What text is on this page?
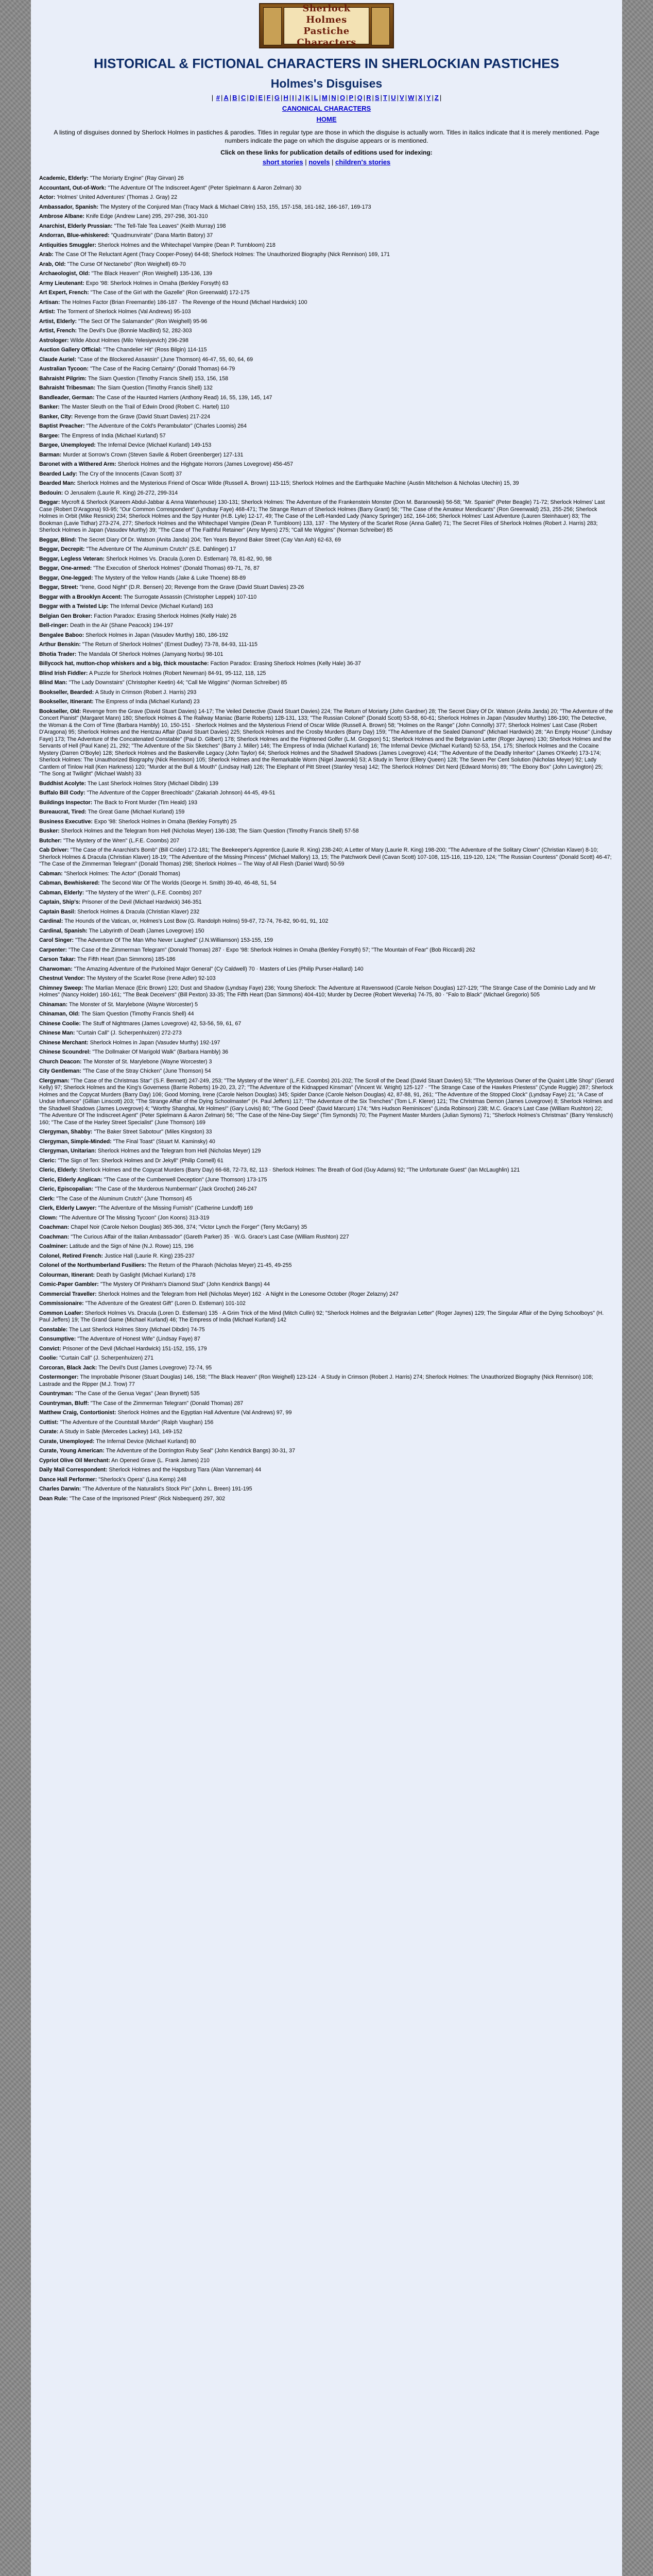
Sherlock Holmes
Pastiche Characters
HISTORICAL & FICTIONAL CHARACTERS IN SHERLOCKIAN PASTICHES
Holmes's Disguises
| # | A | B | C | D | E | F | G | H | I | J | K | L | M | N | O | P | Q | R | S | T | U | V | W | X | Y | Z |
CANONICAL CHARACTERS
HOME

A listing of disguises donned by Sherlock Holmes in pastiches & parodies. Titles in regular type are those in which the disguise is actually worn. Titles in italics indicate that it is merely mentioned. Page numbers indicate the page on which the disguise appears or is mentioned.

Click on these links for publication details of editions used for indexing:

short stories | novels | children's stories
Academic, Elderly: "The Moriarty Engine" (Ray Girvan) 26
Accountant, Out-of-Work: "The Adventure Of The Indiscreet Agent" (Peter Spielmann & Aaron Zelman) 30
Actor: 'Holmes' United Adventures' (Thomas J. Gray) 22
Ambassador, Spanish: The Mystery of the Conjured Man (Tracy Mack & Michael Citrin) 153, 155, 157-158, 161-162, 166-167, 169-173
Ambrose Albane: Knife Edge (Andrew Lane) 295, 297-298, 301-310
Anarchist, Elderly Prussian: "The Tell-Tale Tea Leaves" (Keith Murray) 198
Andorran, Blue-whiskered: "Quadmunvirate" (Dana Martin Batory) 37
Antiquities Smuggler: Sherlock Holmes and the Whitechapel Vampire (Dean P. Turnbloom) 218
Arab: The Case Of The Reluctant Agent (Tracy Cooper-Posey) 64-68; Sherlock Holmes: The Unauthorized Biography (Nick Rennison) 169, 171
Arab, Old: "The Curse Of Nectanebo" (Ron Weighell) 69-70
Archaeologist, Old: "The Black Heaven" (Ron Weighell) 135-136, 139
Army Lieutenant: Expo '98: Sherlock Holmes in Omaha (Berkley Forsyth) 63
Art Expert, French: "The Case of the Girl with the Gazelle" (Ron Greenwald) 172-175
Artisan: The Holmes Factor (Brian Freemantle) 186-187 · The Revenge of the Hound (Michael Hardwick) 100
Artist: The Torment of Sherlock Holmes (Val Andrews) 95-103
Artist, Elderly: "The Sect Of The Salamander" (Ron Weighell) 95-96
Artist, French: The Devil's Due (Bonnie MacBird) 52, 282-303
Astrologer: Wilde About Holmes (Milo Yelesiyevich) 296-298
Auction Gallery Official: "The Chandelier Hit" (Ross Bilgin) 114-115
Claude Auriel: "Case of the Blockered Assassin" (June Thomson) 46-47, 55, 60, 64, 69
Australian Tycoon: "The Case of the Racing Certainty" (Donald Thomas) 64-79
Bahraisht Pilgrim: The Siam Question (Timothy Francis Shell) 153, 156, 158
Bahraisht Tribesman: The Siam Question (Timothy Francis Shell) 132
Bandleader, German: The Case of the Haunted Harriers (Anthony Read) 16, 55, 139, 145, 147
Banker: The Master Sleuth on the Trail of Edwin Drood (Robert C. Hartel) 110
Banker, City: Revenge from the Grave (David Stuart Davies) 217-224
Baptist Preacher: "The Adventure of the Cold's Perambulator" (Charles Loomis) 264
Bargee: The Empress of India (Michael Kurland) 57
Bargee, Unemployed: The Infernal Device (Michael Kurland) 149-153
Barman: Murder at Sorrow's Crown (Steven Savile & Robert Greenberger) 127-131
Baronet with a Withered Arm: Sherlock Holmes and the Highgate Horrors (James Lovegrove) 456-457
Bearded Lady: The Cry of the Innocents (Cavan Scott) 37
Bearded Man: Sherlock Holmes and the Mysterious Friend of Oscar Wilde (Russell A. Brown) 113-115; Sherlock Holmes and the Earthquake Machine (Austin Mitchelson & Nicholas Utechin) 15, 39
Bedouin: O Jerusalem (Laurie R. King) 26-272, 299-314
Beggar: Mycroft & Sherlock (Kareem Abdul-Jabbar & Anna Waterhouse) 130-131; Sherlock Holmes: The Adventure of the Frankenstein Monster (Don M. Baranowski) 56-58; "Mr. Spaniel" (Peter Beagle) 71-72; Sherlock Holmes' Last Case (Robert D'Aragona) 93-95; "Our Common Correspondent" (Lyndsay Faye) 468-471; The Strange Return of Sherlock Holmes (Barry Grant) 56; "The Case of the Amateur Mendicants" (Ron Greenwald) 253, 255-256; Sherlock Holmes in Orbit (Mike Resnick) 234; Sherlock Holmes and the Spy Hunter (H.B. Lyle) 12-17, 49; The Case of the Left-Handed Lady (Nancy Springer) 162, 164-166; Sherlock Holmes' Last Adventure (Lauren Steinhauer) 83; The Bookman (Lavie Tidhar) 273-274, 277; Sherlock Holmes and the Whitechapel Vampire (Dean P. Turnbloom) 133, 137 · The Mystery of the Scarlet Rose (Anna Gallet) 71; The Secret Files of Sherlock Holmes (Robert J. Harris) 283; Sherlock Holmes in Japan (Vasudev Murthy) 39; "The Case of The Faithful Retainer" (Amy Myers) 275; "Call Me Wiggins" (Norman Schreiber) 85
Beggar, Blind: The Secret Diary Of Dr. Watson (Anita Janda) 204; Ten Years Beyond Baker Street (Cay Van Ash) 62-63, 69
Beggar, Decrepit: "The Adventure Of The Aluminum Crutch" (S.E. Dahlinger) 17
Beggar, Legless Veteran: Sherlock Holmes Vs. Dracula (Loren D. Estleman) 78, 81-82, 90, 98
Beggar, One-armed: "The Execution of Sherlock Holmes" (Donald Thomas) 69-71, 76, 87
Beggar, One-legged: The Mystery of the Yellow Hands (Jake & Luke Thoene) 88-89
Beggar, Street: "Irene, Good Night" (D.R. Bensen) 20; Revenge from the Grave (David Stuart Davies) 23-26
Beggar with a Brooklyn Accent: The Surrogate Assassin (Christopher Leppek) 107-110
Beggar with a Twisted Lip: The Infernal Device (Michael Kurland) 163
Belgian Gen Broker: Faction Paradox: Erasing Sherlock Holmes (Kelly Hale) 26
Bell-ringer: Death in the Air (Shane Peacock) 194-197
Bengalee Baboo: Sherlock Holmes in Japan (Vasudev Murthy) 180, 186-192
Arthur Benskin: "The Return of Sherlock Holmes" (Ernest Dudley) 73-78, 84-93, 111-115
Bhotia Trader: The Mandala Of Sherlock Holmes (Jamyang Norbu) 98-101
Billycock hat, mutton-chop whiskers and a big, thick moustache: Faction Paradox: Erasing Sherlock Holmes (Kelly Hale) 36-37
Blind Irish Fiddler: A Puzzle for Sherlock Holmes (Robert Newman) 84-91, 95-112, 118, 125
Blind Man: "The Lady Downstairs" (Christopher Keetin) 44; "Call Me Wiggins" (Norman Schreiber) 85
Bookseller, Bearded: A Study in Crimson (Robert J. Harris) 293
Bookseller, Itinerant: The Empress of India (Michael Kurland) 23
Bookseller, Old: Revenge from the Grave (David Stuart Davies) 14-17; The Veiled Detective (David Stuart Davies) 224; The Return of Moriarty (John Gardner) 28; The Secret Diary Of Dr. Watson (Anita Janda) 20; "The Adventure of the Concert Pianist" (Margaret Mann) 180; Sherlock Holmes & The Railway Maniac (Barrie Roberts) 128-131, 133; "The Russian Colonel" (Donald Scott) 53-58, 60-61; Sherlock Holmes in Japan (Vasudev Murthy) 186-190; The Detective, the Woman & the Corn of Time (Barbara Hambly) 10, 150-151 · Sherlock Holmes and the Mysterious Friend of Oscar Wilde (Russell A. Brown) 58; "Holmes on the Range" (John Connolly) 377; Sherlock Holmes' Last Case (Robert D'Aragona) 95; Sherlock Holmes and the Hentzau Affair (David Stuart Davies) 225; Sherlock Holmes and the Crosby Murders (Barry Day) 159; "The Adventure of the Sealed Diamond" (Michael Hardwick) 28; "An Empty House" (Lindsay Faye) 173; The Adventure of the Concatenated Constable" (Paul D. Gilbert) 178; Sherlock Holmes and the Frightened Golfer (L.M. Grogson) 51; Sherlock Holmes and the Belgravian Letter (Roger Jaynes) 130; Sherlock Holmes and the Servants of Hell (Paul Kane) 21, 292; "The Adventure of the Six Sketches" (Barry J. Miller) 146; The Empress of India (Michael Kurland) 16; The Infernal Device (Michael Kurland) 52-53, 154, 175; Sherlock Holmes and the Cocaine Mystery (Darren O'Boyle) 128; Sherlock Holmes and the Baskerville Legacy (John Taylor) 64; Sherlock Holmes and the Shadwell Shadows (James Lovegrove) 414; "The Adventure of the Deadly Inheritor" (James O'Keefe) 173-174; Sherlock Holmes: The Unauthorized Biography (Nick Rennison) 105; Sherlock Holmes and the Remarkable Worm (Nigel Jaworski) 53; A Study in Terror (Ellery Queen) 128; The Seven Per Cent Solution (Nicholas Meyer) 92; Lady Cantlem of Tinlow Hall (Ken Harkness) 120; "Murder at the Bull & Mouth" (Lindsay Hall) 126; The Elephant of Pitt Street (Stanley Yesa) 142; The Sherlock Holmes' Dirt Nerd (Edward Morris) 89; "The Ebony Box" (John Lavington) 25; "The Song at Twilight" (Michael Walsh) 33
Buddhist Acolyte: The Last Sherlock Holmes Story (Michael Dibdin) 139
Buffalo Bill Cody: "The Adventure of the Copper Breechloads" (Zakariah Johnson) 44-45, 49-51
Buildings Inspector: The Back to Front Murder (Tim Heald) 193
Bureaucrat, Tired: The Great Game (Michael Kurland) 159
Business Executive: Expo '98: Sherlock Holmes in Omaha (Berkley Forsyth) 25
Busker: Sherlock Holmes and the Telegram from Hell (Nicholas Meyer) 136-138; The Siam Question (Timothy Francis Shell) 57-58
Butcher: "The Mystery of the Wren" (L.F.E. Coombs) 207
Cab Driver: "The Case of the Anarchist's Bomb" (Bill Crider) 172-181; The Beekeeper's Apprentice (Laurie R. King) 238-240; A Letter of Mary (Laurie R. King) 198-200; "The Adventure of the Solitary Clown" (Christian Klaver) 8-10; Sherlock Holmes & Dracula (Christian Klaver) 18-19; "The Adventure of the Missing Princess" (Michael Mallory) 13, 15; The Patchwork Devil (Cavan Scott) 107-108, 115-116, 119-120, 124; "The Russian Countess" (Donald Scott) 46-47; "The Case of the Zimmerman Telegram" (Donald Thomas) 298; Sherlock Holmes -- The Way of All Flesh (Daniel Ward) 50-59
Cabman: "Sherlock Holmes: The Actor" (Donald Thomas)
Cabman, Bewhiskered: The Second War Of The Worlds (George H. Smith) 39-40, 46-48, 51, 54
Cabman, Elderly: "The Mystery of the Wren" (L.F.E. Coombs) 207
Captain, Ship's: Prisoner of the Devil (Michael Hardwick) 346-351
Captain Basil: Sherlock Holmes & Dracula (Christian Klaver) 232
Cardinal: The Hounds of the Vatican, or, Holmes's Lost Bow (G. Randolph Holms) 59-67, 72-74, 76-82, 90-91, 91, 102
Cardinal, Spanish: The Labyrinth of Death (James Lovegrove) 150
Carol Singer: "The Adventure Of The Man Who Never Laughed" (J.N.Williamson) 153-155, 159
Carpenter: "The Case of the Zimmerman Telegram" (Donald Thomas) 287 · Expo '98: Sherlock Holmes in Omaha (Berkley Forsyth) 57; "The Mountain of Fear" (Bob Riccardi) 262
Carson Takar: The Fifth Heart (Dan Simmons) 185-186
Charwoman: "The Amazing Adventure of the Purloined Major General" (Cy Caldwell) 70 · Masters of Lies (Philip Purser-Hallard) 140
Chestnut Vendor: The Mystery of the Scarlet Rose (Irene Adler) 92-103
Chimney Sweep: The Marlian Menace (Eric Brown) 120; Dust and Shadow (Lyndsay Faye) 236; Young Sherlock: The Adventure at Ravenswood (Carole Nelson Douglas) 127-129; "The Strange Case of the Dominio Lady and Mr Holmes" (Nancy Holder) 160-161; "The Beak Deceivers" (Bill Pexton) 33-35; The Fifth Heart (Dan Simmons) 404-410; Murder by Decree (Robert Weverka) 74-75, 80 · "Falo to Black" (Michael Gregorio) 505
Chinaman: The Monster of St. Marylebone (Wayne Worcester) 5
Chinaman, Old: The Siam Question (Timothy Francis Shell) 44
Chinese Coolie: The Stuff of Nightmares (James Lovegrove) 42, 53-56, 59, 61, 67
Chinese Man: "Curtain Call" (J. Scherpenhuizen) 272-273
Chinese Merchant: Sherlock Holmes in Japan (Vasudev Murthy) 192-197
Chinese Scoundrel: "The Dollmaker Of Marigold Walk" (Barbara Hambly) 36
Church Deacon: The Monster of St. Marylebone (Wayne Worcester) 3
City Gentleman: "The Case of the Stray Chicken" (June Thomson) 54
Clergyman: "The Case of the Christmas Star" (S.F. Bennett) 247-249, 253; "The Mystery of the Wren" (L.F.E. Coombs) 201-202; The Scroll of the Dead (David Stuart Davies) 53; "The Mysterious Owner of the Quaint Little Shop" (Gerard Kelly) 97; Sherlock Holmes and the King's Governess (Barrie Roberts) 19-20, 23, 27; "The Adventure of the Kidnapped Kinsman" (Vincent W. Wright) 125-127 · "The Strange Case of the Hawkes Priestess" (Cynde Ruggie) 287; Sherlock Holmes and the Copycat Murders (Barry Day) 106; Good Morning, Irene (Carole Nelson Douglas) 345; Spider Dance (Carole Nelson Douglas) 42, 87-88, 91, 261; "The Adventure of the Stopped Clock" (Lyndsay Faye) 21; "A Case of Undue Influence" (Gillian Linscott) 203; "The Strange Affair of the Dying Schoolmaster" (H. Paul Jeffers) 117; "The Adventure of the Six Trenches" (Tom L.F. Klerer) 121; The Christmas Demon (James Lovegrove) 8; Sherlock Holmes and the Shadwell Shadows (James Lovegrove) 4; "Worthy Shanghai, Mr Holmes!" (Gary Lovisi) 80; "The Good Deed" (David Marcum) 174; "Mrs Hudson Reminisces" (Linda Robinson) 238; M.C. Grace's Last Case (William Rushton) 22; "The Adventure Of The Indiscreet Agent" (Peter Spielmann & Aaron Zelman) 56; "The Case of the Nine-Day Siege" (Tim Symonds) 70; The Payment Master Murders (Julian Symons) 71; "Sherlock Holmes's Christmas" (Barry Yenslusch) 160; "The Case of the Harley Street Specialist" (June Thomson) 169
Clergyman, Shabby: "The Baker Street Sabotour" (Miles Kingston) 33
Clergyman, Simple-Minded: "The Final Toast" (Stuart M. Kaminsky) 40
Clergyman, Unitarian: Sherlock Holmes and the Telegram from Hell (Nicholas Meyer) 129
Cleric: "The Sign of Ten: Sherlock Holmes and Dr Jekyll" (Philip Cornell) 61
Cleric, Elderly: Sherlock Holmes and the Copycat Murders (Barry Day) 66-68, 72-73, 82, 113 · Sherlock Holmes: The Breath of God (Guy Adams) 92; "The Unfortunate Guest" (Ian McLaughlin) 121
Cleric, Elderly Anglican: "The Case of the Cumberwell Deception" (June Thomson) 173-175
Cleric, Episcopalian: "The Case of the Murderous Numberman" (Jack Grochot) 246-247
Clerk: "The Case of the Aluminum Crutch" (June Thomson) 45
Clerk, Elderly Lawyer: "The Adventure of the Missing Furnish" (Catherine Lundoff) 169
Clown: "The Adventure Of The Missing Tycoon" (Jon Koons) 313-319
Coachman: Chapel Noir (Carole Nelson Douglas) 365-366, 374; "Victor Lynch the Forger" (Terry McGarry) 35
Coachman: "The Curious Affair of the Italian Ambassador" (Gareth Parker) 35 · W.G. Grace's Last Case (William Rushton) 227
Coalminer: Latitude and the Sign of Nine (N.J. Rowe) 115, 196
Colonel, Retired French: Justice Hall (Laurie R. King) 235-237
Colonel of the Northumberland Fusiliers: The Return of the Pharaoh (Nicholas Meyer) 21-45, 49-255
Colourman, Itinerant: Death by Gaslight (Michael Kurland) 178
Comic-Paper Gambler: "The Mystery Of Pinkham's Diamond Stud" (John Kendrick Bangs) 44
Commercial Traveller: Sherlock Holmes and the Telegram from Hell (Nicholas Meyer) 162 · A Night in the Lonesome October (Roger Zelazny) 247
Commissionaire: "The Adventure of the Greatest Gift" (Loren D. Estleman) 101-102
Common Loafer: Sherlock Holmes Vs. Dracula (Loren D. Estleman) 135 · A Grim Trick of the Mind (Mitch Cullin) 92; "Sherlock Holmes and the Belgravian Letter" (Roger Jaynes) 129; The Singular Affair of the Dying Schoolboys" (H. Paul Jeffers) 19; The Grand Game (Michael Kurland) 46; The Empress of India (Michael Kurland) 142
Constable: The Last Sherlock Holmes Story (Michael Dibdin) 74-75
Consumptive: "The Adventure of Honest Wife" (Lindsay Faye) 87
Convict: Prisoner of the Devil (Michael Hardwick) 151-152, 155, 179
Coolie: "Curtain Call" (J. Scherpenhuizen) 271
Corcoran, Black Jack: The Devil's Dust (James Lovegrove) 72-74, 95
Costermonger: The Improbable Prisoner (Stuart Douglas) 146, 158; "The Black Heaven" (Ron Weighell) 123-124 · A Study in Crimson (Robert J. Harris) 274; Sherlock Holmes: The Unauthorized Biography (Nick Rennison) 108; Lastrade and the Ripper (M.J. Trow) 77
Countryman: "The Case of the Genua Vegas" (Jean Brynett) 535
Countryman, Bluff: "The Case of the Zimmerman Telegram" (Donald Thomas) 287
Matthew Craig, Contortionist: Sherlock Holmes and the Egyptian Hall Adventure (Val Andrews) 97, 99
Cuttist: "The Adventure of the Countstall Murder" (Ralph Vaughan) 156
Curate: A Study in Sable (Mercedes Lackey) 143, 149-152
Curate, Unemployed: The Infernal Device (Michael Kurland) 80
Curate, Young American: The Adventure of the Dorrington Ruby Seal" (John Kendrick Bangs) 30-31, 37
Cypriot Olive Oil Merchant: An Opened Grave (L. Frank James) 210
Daily Mail Correspondent: Sherlock Holmes and the Hapsburg Tiara (Alan Vanneman) 44
Dance Hall Performer: "Sherlock's Opera" (Lisa Kemp) 248
Charles Darwin: "The Adventure of the Naturalist's Stock Pin" (John L. Breen) 191-195
Dean Rule: "The Case of the Imprisoned Priest" (Rick Nisbequent) 297, 302
